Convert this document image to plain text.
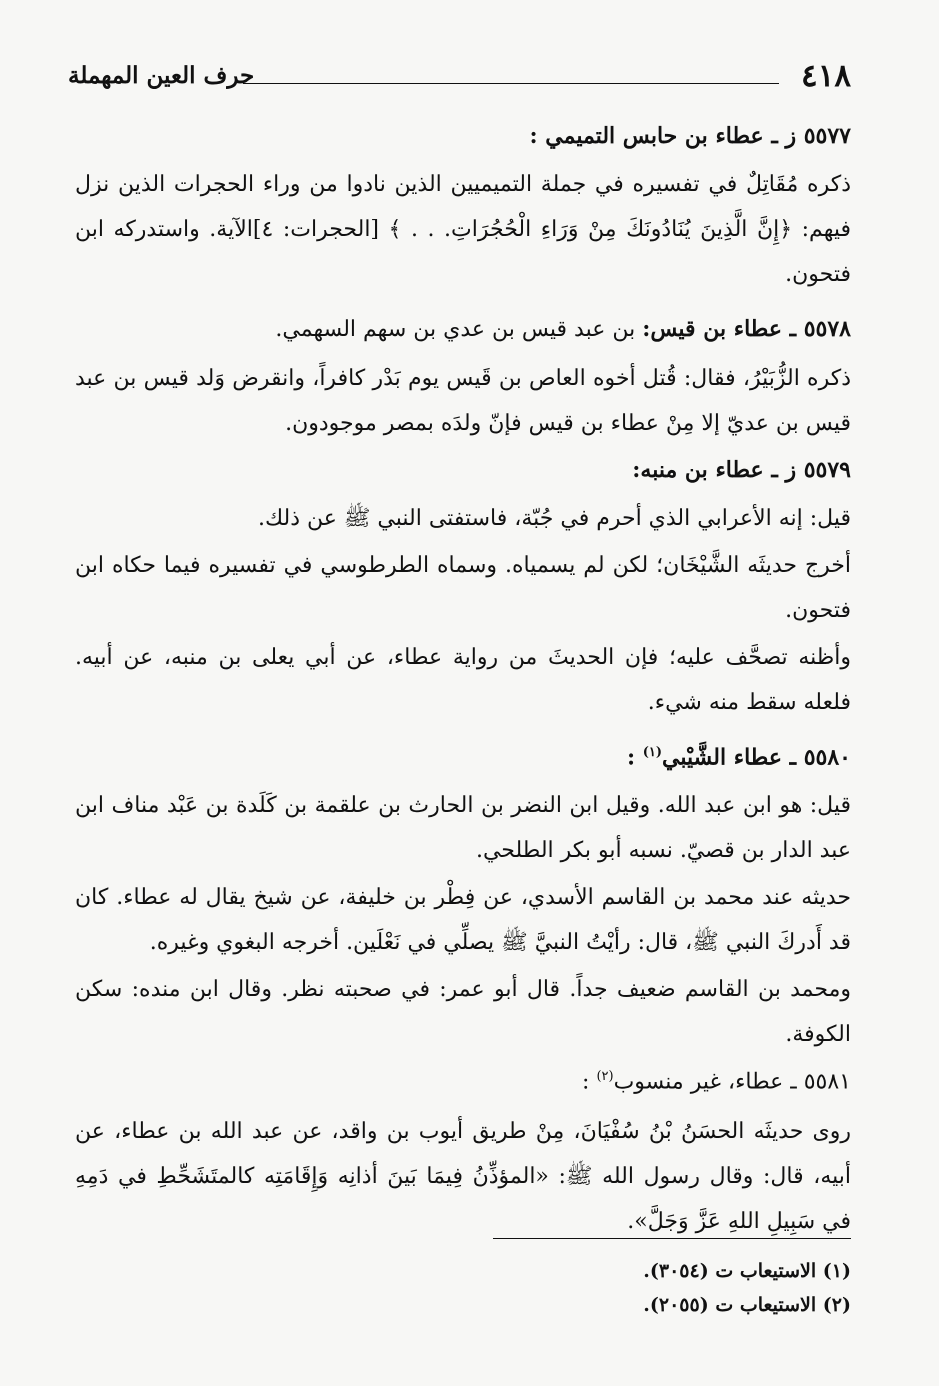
٤١٨
حرف العين المهملة
٥٥٧٧ ز ـ عطاء بن حابس التميمي :

ذكره مُقَاتِلٌ في تفسيره في جملة التميميين الذين نادوا من وراء الحجرات الذين نزل فيهم: ﴿إِنَّ الَّذِينَ يُنَادُونَكَ مِنْ وَرَاءِ الْحُجُرَاتِ. . . ﴾ [الحجرات: ٤]الآية. واستدركه ابن فتحون.

٥٥٧٨ ـ عطاء بن قيس: بن عبد قيس بن عدي بن سهم السهمي.

ذكره الزُّبَيْرُ، فقال: قُتل أخوه العاص بن قَيس يوم بَدْر كافراً، وانقرض وَلد قيس بن عبد قيس بن عديّ إلا مِنْ عطاء بن قيس فإنّ ولدَه بمصر موجودون.

٥٥٧٩ ز ـ عطاء بن منبه:

قيل: إنه الأعرابي الذي أحرم في جُبّة، فاستفتى النبي ﷺ عن ذلك.

أخرج حديثَه الشَّيْخَان؛ لكن لم يسمياه. وسماه الطرطوسي في تفسيره فيما حكاه ابن فتحون.

وأظنه تصحَّف عليه؛ فإن الحديثَ من رواية عطاء، عن أبي يعلى بن منبه، عن أبيه. فلعله سقط منه شيء.

٥٥٨٠ ـ عطاء الشَّيْبي$^{(١)}$ :

قيل: هو ابن عبد الله. وقيل ابن النضر بن الحارث بن علقمة بن كَلَدة بن عَبْد مناف ابن عبد الدار بن قصيّ. نسبه أبو بكر الطلحي.

حديثه عند محمد بن القاسم الأسدي، عن فِطْر بن خليفة، عن شيخ يقال له عطاء. كان قد أَدركَ النبي ﷺ، قال: رأيْتُ النبيَّ ﷺ يصلِّي في نَعْلَين. أخرجه البغوي وغيره.

ومحمد بن القاسم ضعيف جداً. قال أبو عمر: في صحبته نظر. وقال ابن منده: سكن الكوفة.

٥٥٨١ ـ عطاء، غير منسوب$^{(٢)}$ :

روى حديثَه الحسَنُ بْنُ سُفْيَانَ، مِنْ طريق أيوب بن واقد، عن عبد الله بن عطاء، عن أبيه، قال: وقال رسول الله ﷺ: «المؤذِّنُ فِيمَا بَينَ أذانِه وَإِقَامَتِه كالمتَشَحِّطِ في دَمِهِ في سَبِيلِ اللهِ عَزَّ وَجَلَّ».

(١) الاستيعاب ت (٣٠٥٤).
(٢) الاستيعاب ت (٢٠٥٥).
